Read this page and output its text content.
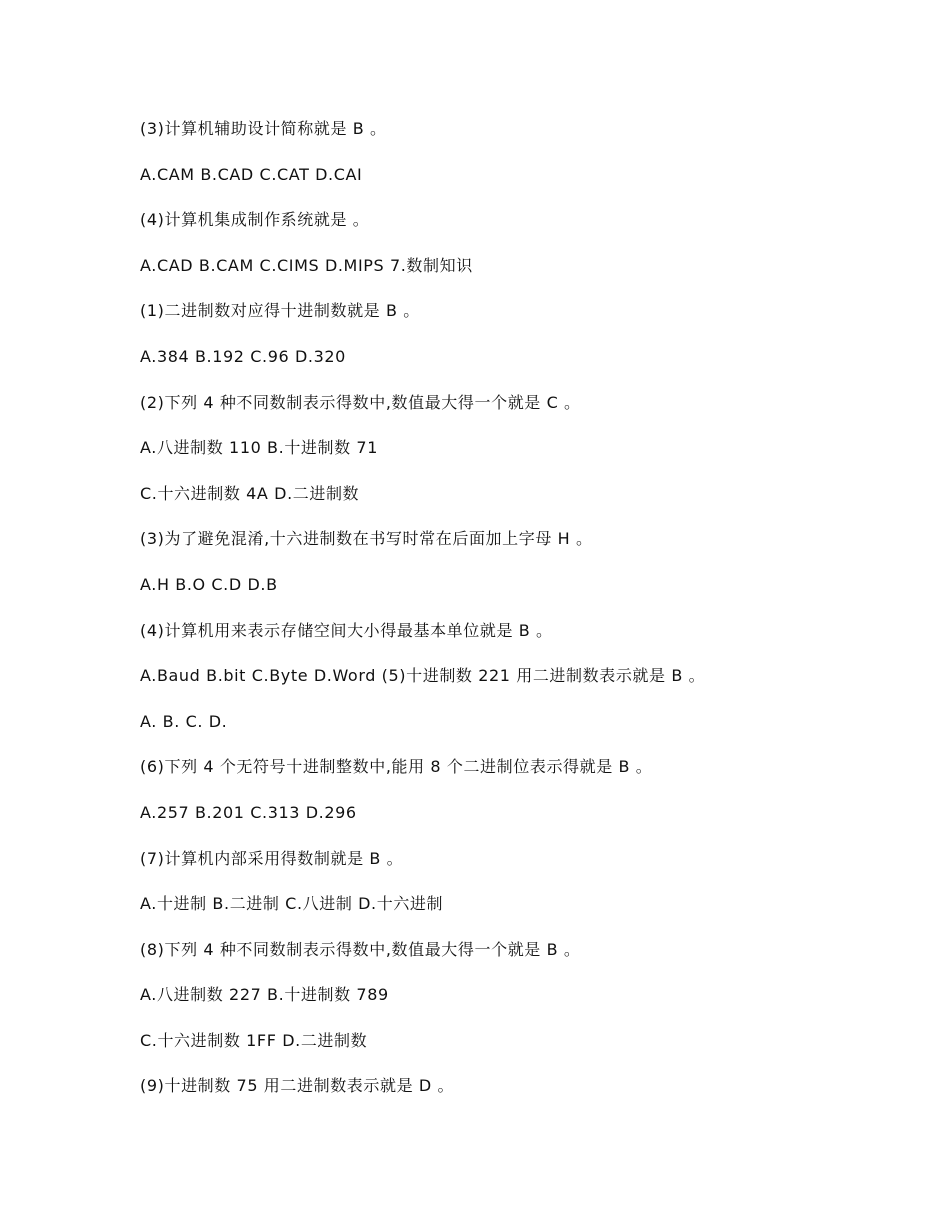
(3)计算机辅助设计简称就是 B 。
A.CAM B.CAD C.CAT D.CAI
(4)计算机集成制作系统就是 。
A.CAD B.CAM C.CIMS D.MIPS 7.数制知识
(1)二进制数对应得十进制数就是 B 。
A.384 B.192 C.96 D.320
(2)下列 4 种不同数制表示得数中,数值最大得一个就是 C 。
A.八进制数 110 B.十进制数 71
C.十六进制数 4A D.二进制数
(3)为了避免混淆,十六进制数在书写时常在后面加上字母 H 。
A.H B.O C.D D.B
(4)计算机用来表示存储空间大小得最基本单位就是 B 。
A.Baud B.bit C.Byte D.Word (5)十进制数 221 用二进制数表示就是 B 。
A. B. C. D.
(6)下列 4 个无符号十进制整数中,能用 8 个二进制位表示得就是 B 。
A.257 B.201 C.313 D.296
(7)计算机内部采用得数制就是 B 。
A.十进制 B.二进制 C.八进制 D.十六进制
(8)下列 4 种不同数制表示得数中,数值最大得一个就是 B 。
A.八进制数 227 B.十进制数 789
C.十六进制数 1FF D.二进制数
(9)十进制数 75 用二进制数表示就是 D 。
